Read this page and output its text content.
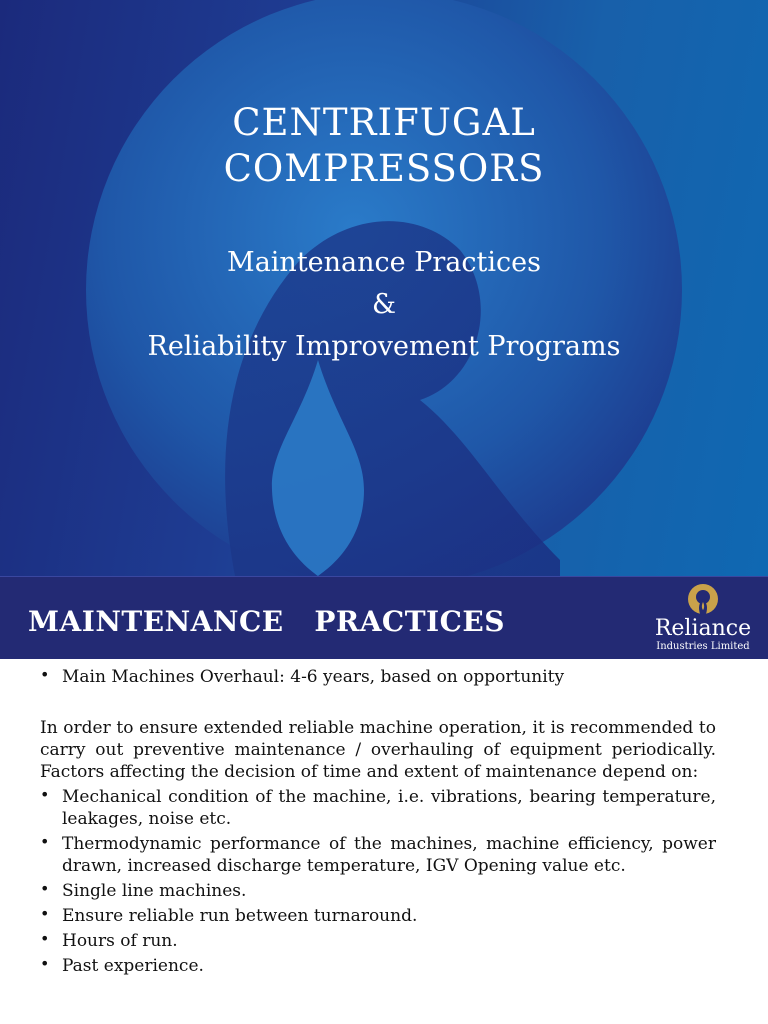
CENTRIFUGAL
COMPRESSORS
Maintenance Practices
&
Reliability Improvement Programs
MAINTENANCE   PRACTICES	Reliance
Industries Limited
• Main Machines Overhaul: 4-6 years, based on opportunity
In order to ensure extended reliable machine operation, it is recommended to carry out preventive maintenance / overhauling of equipment periodically. Factors affecting the decision of time and extent of maintenance depend on:
• Mechanical condition of the machine, i.e. vibrations, bearing temperature, leakages, noise etc.
• Thermodynamic performance of the machines, machine efficiency, power drawn, increased discharge temperature, IGV Opening value etc.
• Single line machines.
• Ensure reliable run between turnaround.
• Hours of run.
• Past experience.
